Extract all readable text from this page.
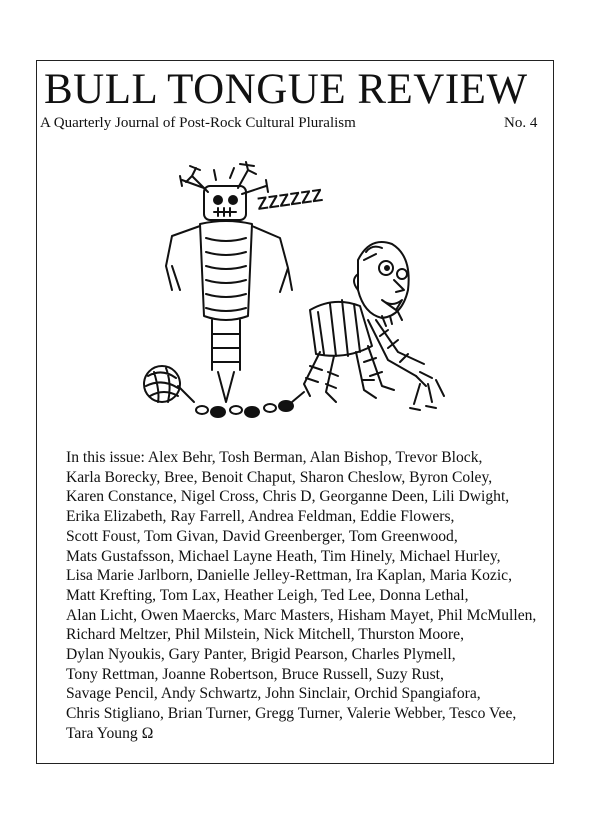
BULL TONGUE REVIEW
A Quarterly Journal of Post-Rock Cultural Pluralism	No. 4
ZZZZZZ
In this issue: Alex Behr, Tosh Berman, Alan Bishop, Trevor Block,
Karla Borecky, Bree, Benoit Chaput, Sharon Cheslow, Byron Coley,
Karen Constance, Nigel Cross, Chris D, Georganne Deen, Lili Dwight,
Erika Elizabeth, Ray Farrell, Andrea Feldman, Eddie Flowers,
Scott Foust, Tom Givan, David Greenberger, Tom Greenwood,
Mats Gustafsson, Michael Layne Heath, Tim Hinely, Michael Hurley,
Lisa Marie Jarlborn, Danielle Jelley-Rettman, Ira Kaplan, Maria Kozic,
Matt Krefting, Tom Lax, Heather Leigh, Ted Lee, Donna Lethal,
Alan Licht, Owen Maercks, Marc Masters, Hisham Mayet, Phil McMullen,
Richard Meltzer, Phil Milstein, Nick Mitchell, Thurston Moore,
Dylan Nyoukis, Gary Panter, Brigid Pearson, Charles Plymell,
Tony Rettman, Joanne Robertson, Bruce Russell, Suzy Rust,
Savage Pencil, Andy Schwartz, John Sinclair, Orchid Spangiafora,
Chris Stigliano, Brian Turner, Gregg Turner, Valerie Webber, Tesco Vee,
Tara Young Ω
